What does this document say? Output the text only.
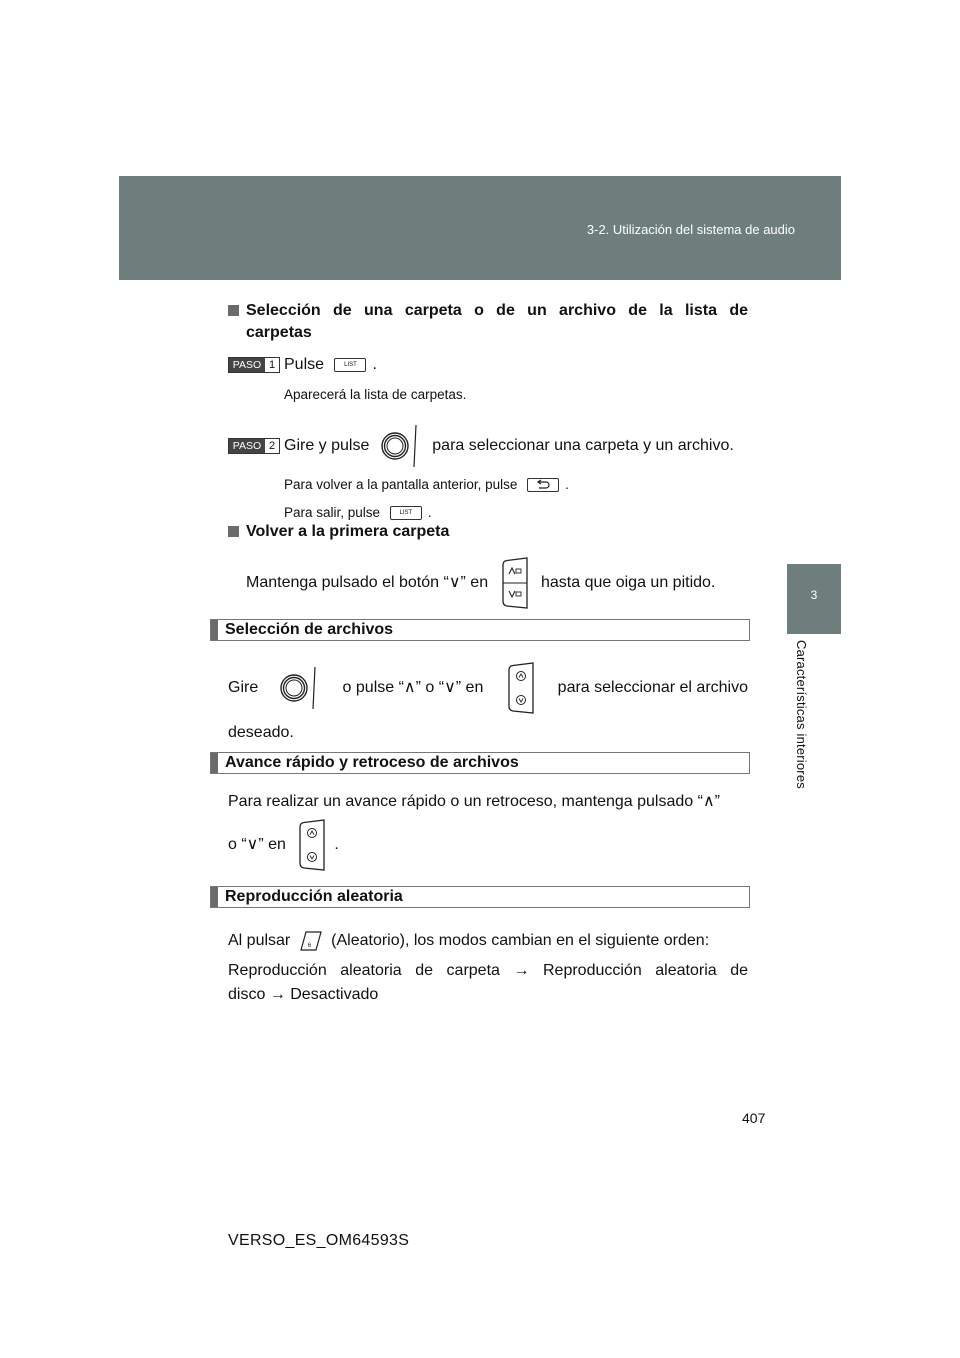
3-2. Utilización del sistema de audio
3
Características interiores
Selección de una carpeta o de un archivo de la lista de
carpetas
PASO 1 Pulse	LIST .
Aparecerá la lista de carpetas.
PASO 2 Gire y pulse	para seleccionar una carpeta y un archivo.
Para volver a la pantalla anterior, pulse	.
Para salir, pulse	LIST	.
Volver a la primera carpeta
Mantenga pulsado el botón “∨” en	hasta que oiga un pitido.
Selección de archivos
Gire	o pulse “∧” o “∨” en	para seleccionar el archivo
deseado.
Avance rápido y retroceso de archivos
Para realizar un avance rápido o un retroceso, mantenga pulsado “∧”
o “∨” en	.
Reproducción aleatoria
Al pulsar	6 (Aleatorio), los modos cambian en el siguiente orden:
Reproducción aleatoria de carpeta → Reproducción aleatoria de
disco → Desactivado
407
VERSO_ES_OM64593S
